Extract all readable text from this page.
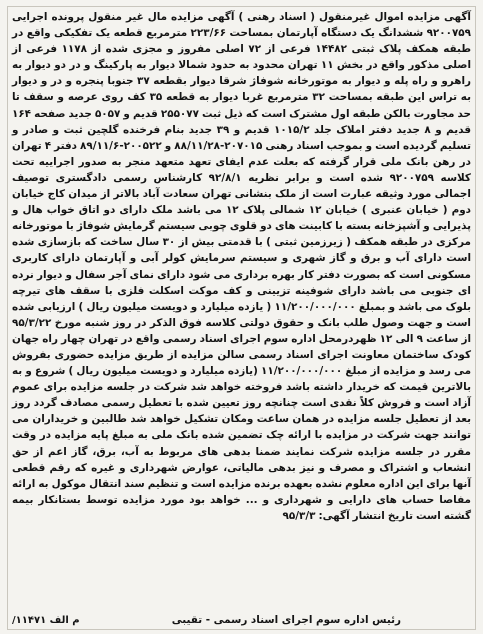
آگهی مزایده اموال غیرمنقول ( اسناد رهنی ) آگهی مزایده مال غیر منقول پرونده اجرایی ۹۲۰۰۷۵۹ ششدانگ یک دستگاه آپارتمان بمساحت ۲۲۳/۶۶ مترمربع قطعه یک تفکیکی واقع در طبقه همکف پلاک ثبتی ۱۴۴۸۲ فرعی از ۷۲ اصلی مفروز و مجزی شده از ۱۱۷۸ فرعی از اصلی مذکور واقع در بخش ۱۱ تهران محدود به حدود شمالا دیوار به پارکینگ و در دو دیوار به راهرو و راه پله و دیوار به موتورخانه شوفاژ شرقا دیوار بقطعه ۳۷ جنوبا پنجره و در و دیوار به تراس این طبقه بمساحت ۳۲ مترمربع غربا دیوار به قطعه ۳۵ کف روی عرصه و سقف تا حد مجاورت بالکن طبقه اول مشترک است که ذیل ثبت ۲۵۵۰۷۷ قدیم و ۵۰۵۷ جدید صفحه ۱۶۴ قدیم و ۸ جدید دفتر املاک جلد ۱۰۱۵/۲ قدیم و ۳۹ جدید بنام فرخنده گلچین ثبت و صادر و تسلیم گردیده است و بموجب اسناد رهنی ۲۰۷۰۱۵-۸۸/۱۱/۲۸ و ۲۰۰۵۲۲-۸۹/۱۱/۶ دفتر ۴ تهران در رهن بانک ملی قرار گرفته که بعلت عدم ایفای تعهد متعهد منجر به صدور اجراییه تحت کلاسه ۹۲۰۰۷۵۹ شده است و برابر نظریه ۹۲/۸/۱ کارشناس رسمی دادگستری توصیف اجمالی مورد وثیقه عبارت است از ملک بنشانی تهران سعادت آباد بالاتر از میدان کاج خیابان دوم ( خیابان عنبری ) خیابان ۱۲ شمالی پلاک ۱۲ می باشد ملک دارای دو اتاق خواب هال و پذیرایی و آشپزخانه بسته با کابینت های دو قلوی چوبی سیستم گرمایش شوفاژ با موتورخانه مرکزی در طبقه همکف ( زیرزمین ثبتی ) با قدمتی بیش از ۳۰ سال ساخت که بازسازی شده است دارای آب و برق و گاز شهری و سیستم سرمایش کولر آبی و آپارتمان دارای کاربری مسکونی است که بصورت دفتر کار بهره برداری می شود دارای نمای آجر سفال و دیوار نرده ای جنوبی می باشد دارای شوفینه تزیینی و کف موکت اسکلت فلزی با سقف های تیرچه بلوک می باشد و بمبلغ ۱۱/۲۰۰/۰۰۰/۰۰۰ ( یازده میلیارد و دویست میلیون ریال ) ارزیابی شده است و جهت وصول طلب بانک و حقوق دولتی کلاسه فوق الذکر در روز شنبه مورخ ۹۵/۳/۲۲ از ساعت ۹ الی ۱۲ ظهردرمحل اداره سوم اجرای اسناد رسمی واقع در تهران چهار راه جهان کودک ساختمان معاونت اجرای اسناد رسمی سالن مزایده از طریق مزایده حضوری بفروش می رسد و مزایده از مبلغ ۱۱/۲۰۰/۰۰۰/۰۰۰ (یازده میلیارد و دویست میلیون ریال ) شروع و به بالاترین قیمت که خریدار داشته باشد فروخته خواهد شد شرکت در جلسه مزایده برای عموم آزاد است و فروش کلاً نقدی است چنانچه روز تعیین شده با تعطیل رسمی مصادف گردد روز بعد از تعطیل جلسه مزایده در همان ساعت ومکان تشکیل خواهد شد طالبین و خریداران می توانند جهت شرکت در مزایده با ارائه چک تضمین شده بانک ملی به مبلغ پایه مزایده در وقت مقرر در جلسه مزایده شرکت نمایند ضمنا بدهی های مربوط به آب، برق، گاز اعم از حق انشعاب و اشتراک و مصرف و نیز بدهی مالیاتی، عوارض شهرداری و غیره که رقم قطعی آنها برای این اداره معلوم نشده بعهده برنده مزایده است و تنظیم سند انتقال موکول به ارائه مفاصا حساب های دارایی و شهرداری و ... خواهد بود مورد مزایده توسط بستانکار بیمه گشته است تاریخ انتشار آگهی: ۹۵/۳/۳

رئیس اداره سوم اجرای اسناد رسمی - تقیبی
/۱۱۴۷۱ م الف
